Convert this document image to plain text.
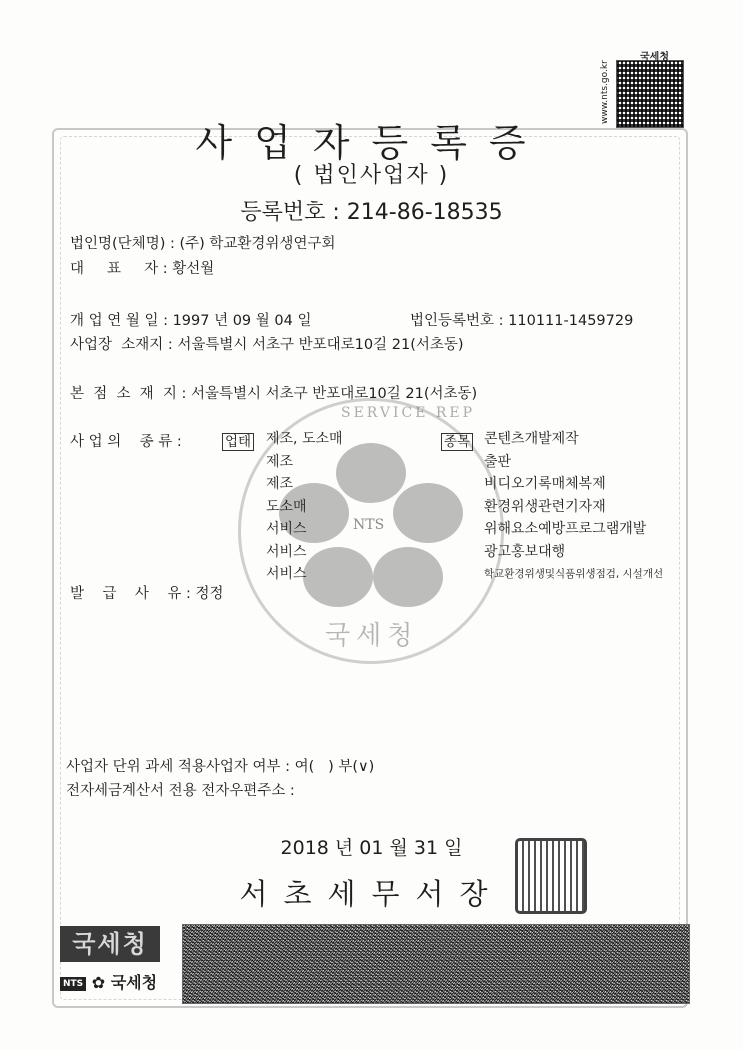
국세청
www.nts.go.kr
NTS
SERVICE REP
국세청
사업자등록증
( 법인사업자 )
등록번호 : 214-86-18535
법인명(단체명) : (주) 학교환경위생연구회
대     표     자 : 황선월
개 업 연 월 일 : 1997 년 09 월 04 일	법인등록번호 : 110111-1459729
사업장  소재지 : 서울특별시 서초구 반포대로10길 21(서초동)
본  점  소  재  지 : 서울특별시 서초구 반포대로10길 21(서초동)
사 업 의    종 류 :	업태 제조, 도소매
제조
제조
도소매
서비스
서비스
서비스
종목 콘텐츠개발제작
출판
비디오기록매체복제
환경위생관련기자재
위해요소예방프로그램개발
광고홍보대행
학교환경위생및식품위생점검, 시설개선
발    급    사    유 : 정정
사업자 단위 과세 적용사업자 여부 : 여(   ) 부(∨)
전자세금계산서 전용 전자우편주소 :
2018 년 01 월 31 일
서초세무서장
국세청
NTS ✿ 국세청
